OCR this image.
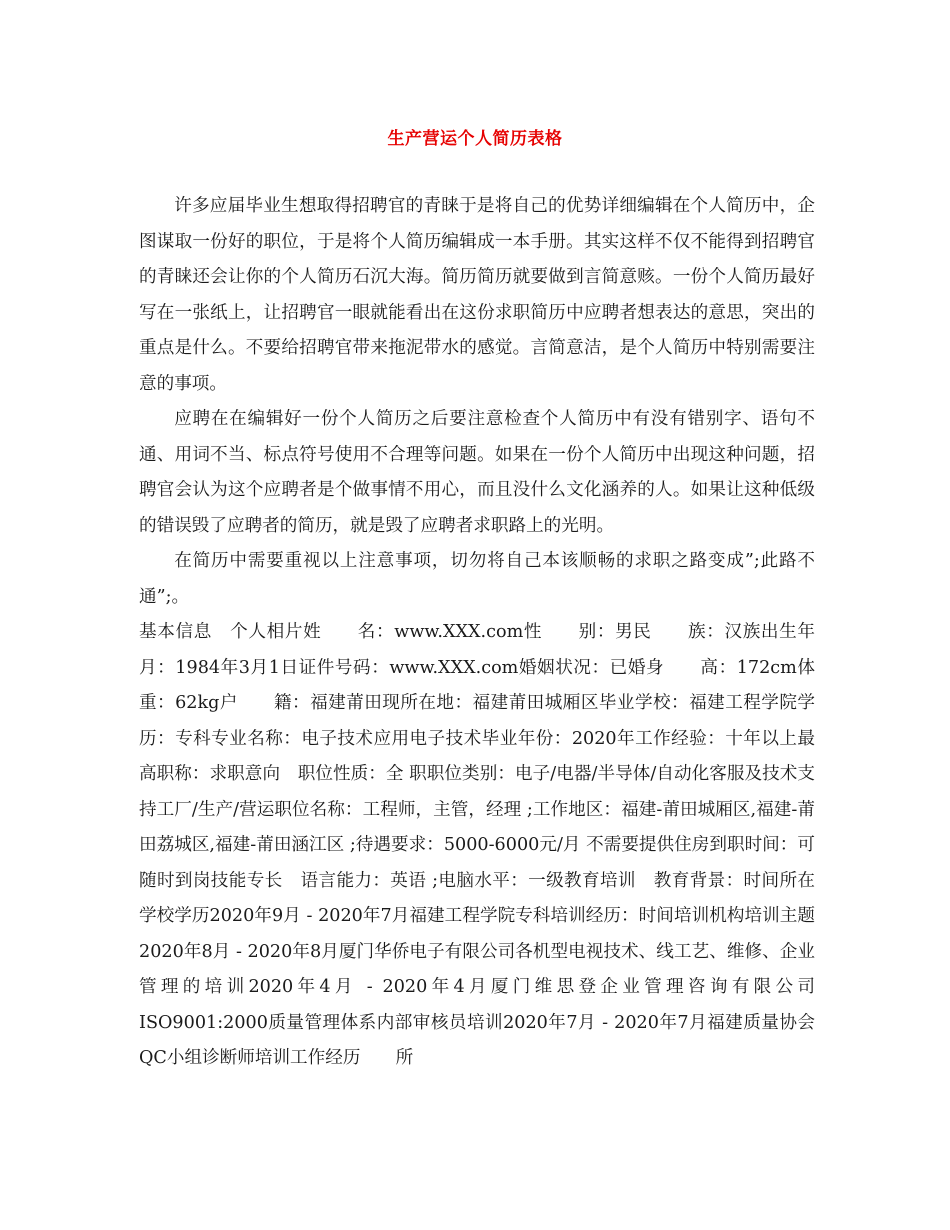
生产营运个人简历表格

许多应届毕业生想取得招聘官的青睐于是将自己的优势详细编辑在个人简历中，企图谋取一份好的职位，于是将个人简历编辑成一本手册。其实这样不仅不能得到招聘官的青睐还会让你的个人简历石沉大海。简历简历就要做到言简意赅。一份个人简历最好写在一张纸上，让招聘官一眼就能看出在这份求职简历中应聘者想表达的意思，突出的重点是什么。不要给招聘官带来拖泥带水的感觉。言简意洁，是个人简历中特别需要注意的事项。

应聘在在编辑好一份个人简历之后要注意检查个人简历中有没有错别字、语句不通、用词不当、标点符号使用不合理等问题。如果在一份个人简历中出现这种问题，招聘官会认为这个应聘者是个做事情不用心，而且没什么文化涵养的人。如果让这种低级的错误毁了应聘者的简历，就是毁了应聘者求职路上的光明。

在简历中需要重视以上注意事项，切勿将自己本该顺畅的求职之路变成”;此路不通”;。

基本信息　个人相片姓　　名：www.XXX.com性　　别：男民　　族：汉族出生年月：1984年3月1日证件号码：www.XXX.com婚姻状况：已婚身　　高：172cm体重：62kg户　　籍：福建莆田现所在地：福建莆田城厢区毕业学校：福建工程学院学　　历：专科专业名称：电子技术应用电子技术毕业年份：2020年工作经验：十年以上最高职称：求职意向　职位性质：全 职职位类别：电子/电器/半导体/自动化客服及技术支持工厂/生产/营运职位名称：工程师，主管，经理 ;工作地区：福建-莆田城厢区,福建-莆田荔城区,福建-莆田涵江区 ;待遇要求：5000-6000元/月 不需要提供住房到职时间：可随时到岗技能专长　语言能力：英语 ;电脑水平：一级教育培训　教育背景：时间所在学校学历2020年9月 - 2020年7月福建工程学院专科培训经历：时间培训机构培训主题2020年8月 - 2020年8月厦门华侨电子有限公司各机型电视技术、线工艺、维修、企业管理的培训2020年4月 - 2020年4月厦门维思登企业管理咨询有限公司ISO9001:2000质量管理体系内部审核员培训2020年7月 - 2020年7月福建质量协会QC小组诊断师培训工作经历　　所
